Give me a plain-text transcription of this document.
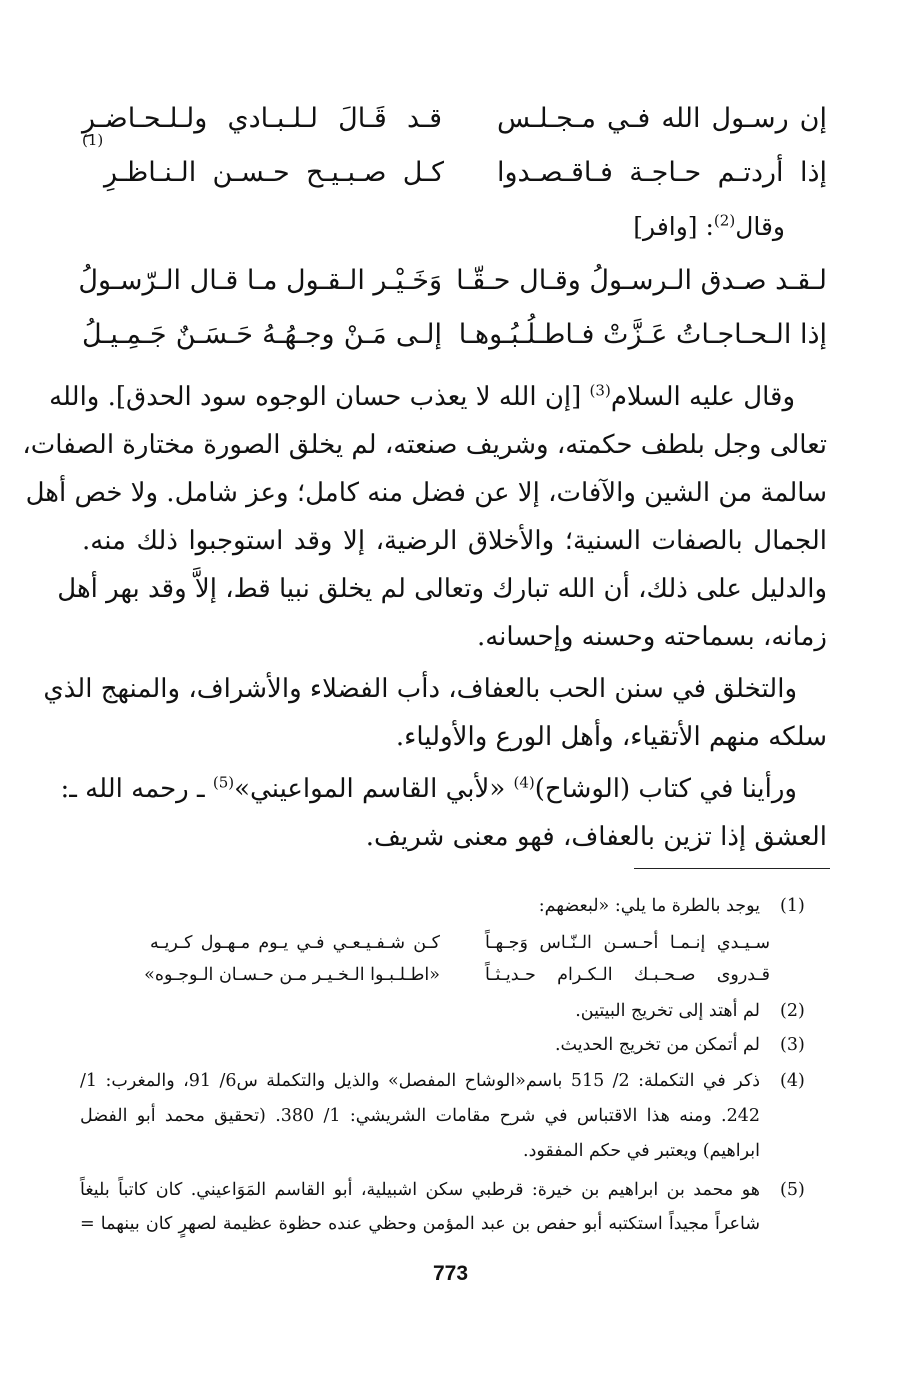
إن رسـول الله فـي مـجـلـس
قـد قَـالَ لـلـبـادي ولـلـحـاضـرِ
إذا أردتـم حـاجـة فـاقـصـدوا
كـل صـبـيـح حـسـن الـنـاظـرِ
(1)
وقال$^{(2)}$: [وافر]
لـقـد صـدق الـرسـولُ وقـال حـقّـا
وَخَـيْـر الـقـول مـا قـال الـرّسـولُ
إذا الـحـاجـاتُ عَـزَّتْ فـاطـلُـبُـوهـا
إلـى مَـنْ وجـهُـهُ حَـسَـنٌ جَـمِـيـلُ
وقال عليه السلام$^{(3)}$ [إن الله لا يعذب حسان الوجوه سود الحدق]. والله
تعالى وجل بلطف حكمته، وشريف صنعته، لم يخلق الصورة مختارة الصفات،
سالمة من الشين والآفات، إلا عن فضل منه كامل؛ وعز شامل. ولا خص أهل
الجمال بالصفات السنية؛ والأخلاق الرضية، إلا وقد استوجبوا ذلك منه.
والدليل على ذلك، أن الله تبارك وتعالى لم يخلق نبيا قط، إلاَّ وقد بهر أهل
زمانه، بسماحته وحسنه وإحسانه.
والتخلق في سنن الحب بالعفاف، دأب الفضلاء والأشراف، والمنهج الذي
سلكه منهم الأتقياء، وأهل الورع والأولياء.
ورأينا في كتاب (الوشاح)$^{(4)}$ «لأبي القاسم المواعيني»$^{(5)}$ ـ رحمه الله ـ:
العشق إذا تزين بالعفاف، فهو معنى شريف.
(1)
يوجد بالطرة ما يلي: «لبعضهم:
سـيـدي إنـمـا أحـسـن الـنّـاس وَجـهـاً
كـن شـفـيـعـي فـي يـوم مـهـول كـريـه
قـدروى صـحـبـك الـكـرام حـديـثـاً
«اطـلـبـوا الـخـيـر مـن حـسـان الـوجـوه»
(2)
لم أهتد إلى تخريج البيتين.
(3)
لم أتمكن من تخريج الحديث.
(4)
ذكر في التكملة: 2/ 515 باسم«الوشاح المفصل» والذيل والتكملة س6/ 91، والمغرب: 1/
242. ومنه هذا الاقتباس في شرح مقامات الشريشي: 1/ 380. (تحقيق محمد أبو الفضل
ابراهيم) ويعتبر في حكم المفقود.
(5)
هو محمد بن ابراهيم بن خيرة: قرطبي سكن اشبيلية، أبو القاسم المَوَاعيني. كان كاتباً بليغاً
شاعراً مجيداً استكتبه أبو حفص بن عبد المؤمن وحظي عنده حظوة عظيمة لصهرٍ كان بينهما =
773
